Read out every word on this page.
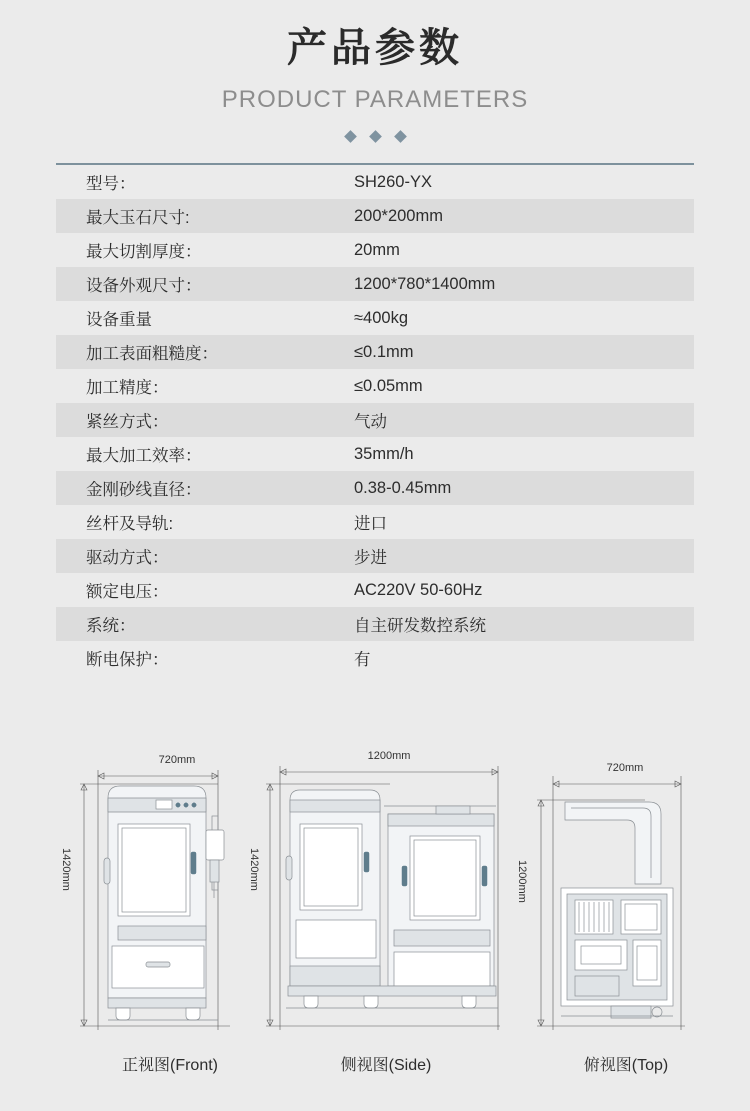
产品参数
PRODUCT PARAMETERS
型号：	SH260-YX
最大玉石尺寸:	200*200mm
最大切割厚度：	20mm
设备外观尺寸：	1200*780*1400mm
设备重量	≈400kg
加工表面粗糙度：	≤0.1mm
加工精度：	≤0.05mm
紧丝方式：	气动
最大加工效率：	35mm/h
金刚砂线直径：	0.38-0.45mm
丝杆及导轨:	进口
驱动方式：	步进
额定电压：	AC220V 50-60Hz
系统：	自主研发数控系统
断电保护：	有
720mm
1420mm
正视图(Front)
1200mm
1420mm
侧视图(Side)
720mm
1200mm
俯视图(Top)
